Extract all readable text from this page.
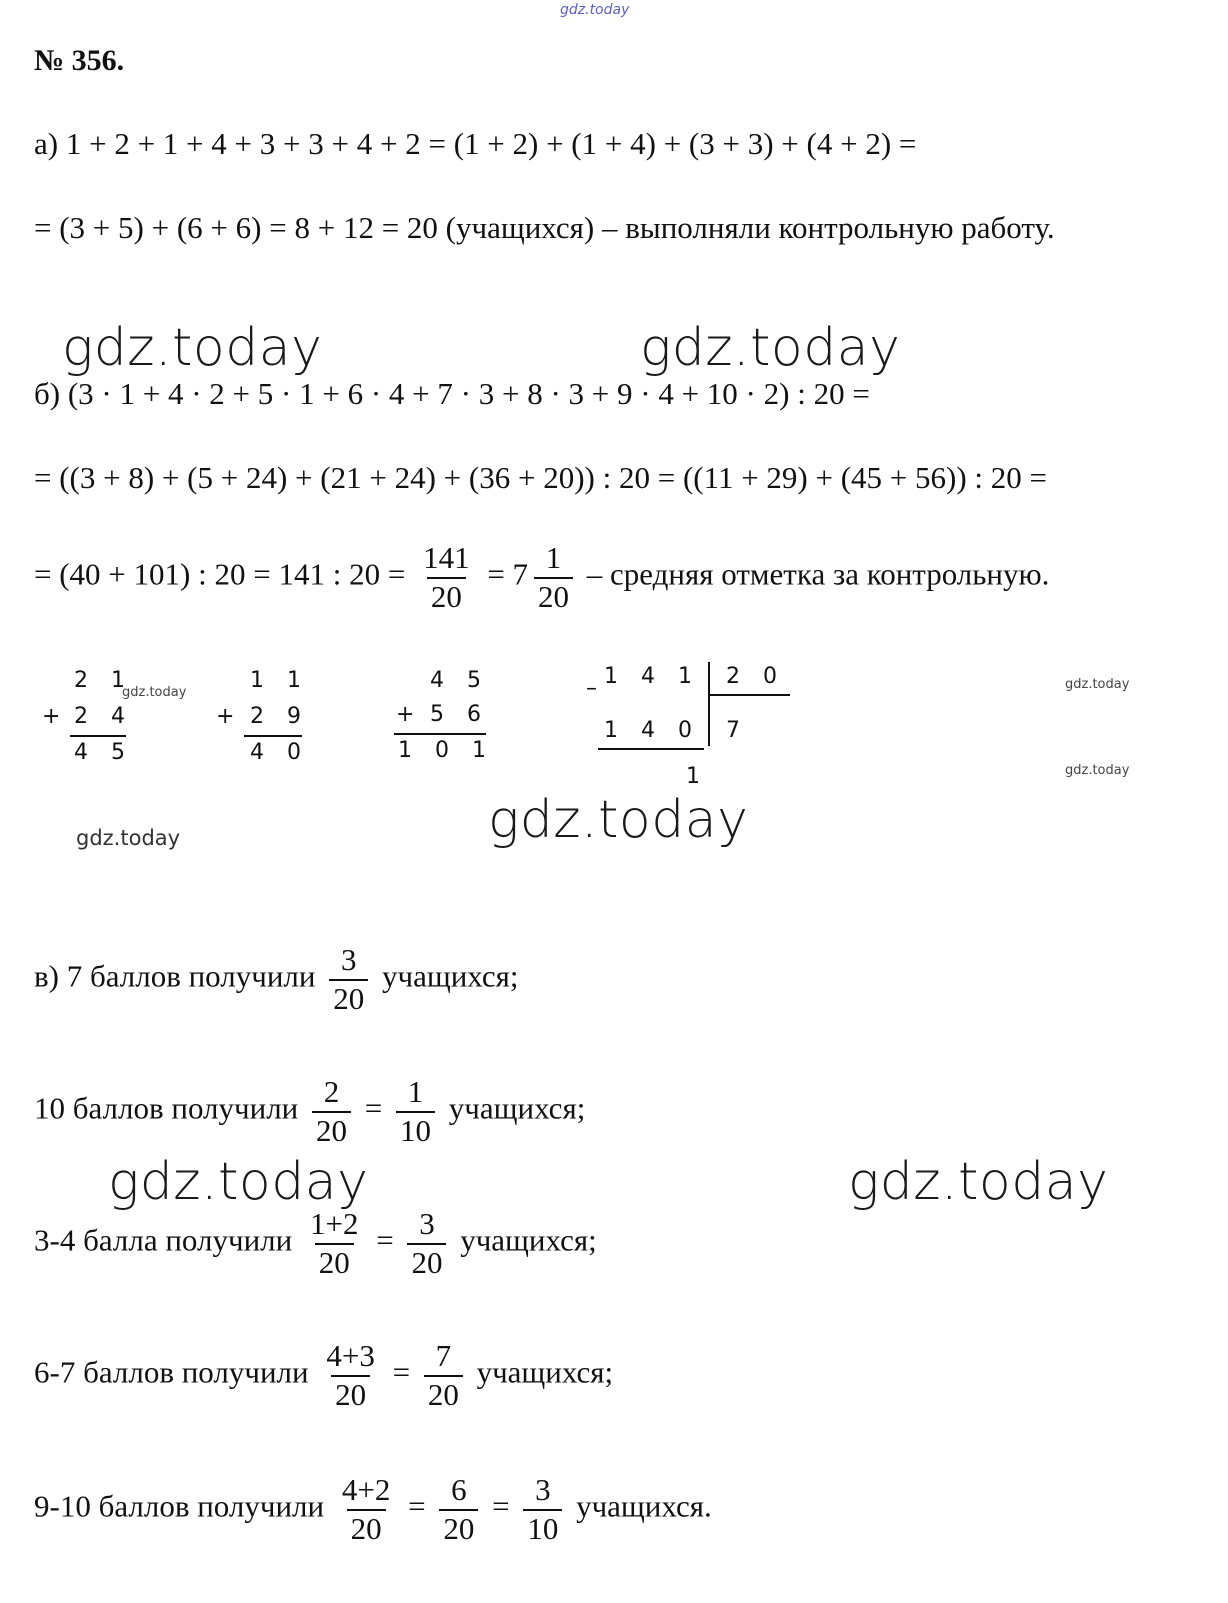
gdz.today
gdz.today	gdz.today
gdz.today
gdz.today	gdz.today
gdz.today
gdz.today
gdz.today
gdz.today
№ 356.
а) 1 + 2 + 1 + 4 + 3 + 3 + 4 + 2 = (1 + 2) + (1 + 4) + (3 + 3) + (4 + 2) =
= (3 + 5) + (6 + 6) = 8 + 12 = 20 (учащихся) – выполняли контрольную работу.
б) (3 · 1 + 4 · 2 + 5 · 1 + 6 · 4 + 7 · 3 + 8 · 3 + 9 · 4 + 10 · 2) : 20 =
= ((3 + 8) + (5 + 24) + (21 + 24) + (36 + 20)) : 20 = ((11 + 29) + (45 + 56)) : 20 =
= (40 + 101) : 20 = 141 : $20 = \frac{141}{20} = 7 \frac{1}{20}$ – средняя отметка за контрольную.
2 1
+ 2 4
4 5
1 1
+ 2 9
4 0
4 5
+ 5 6
1 0 1
– 1 4 1 2 0
1 4 0 7
1
в) 7 баллов получили $\frac{3}{20}$ учащихся;
10 баллов получили $\frac{2}{20} = \frac{1}{10}$ учащихся;
3-4 балла получили $\frac{1+2}{20} = \frac{3}{20}$ учащихся;
6-7 баллов получили $\frac{4+3}{20} = \frac{7}{20}$ учащихся;
9-10 баллов получили $\frac{4+2}{20} = \frac{6}{20} = \frac{3}{10}$ учащихся.
